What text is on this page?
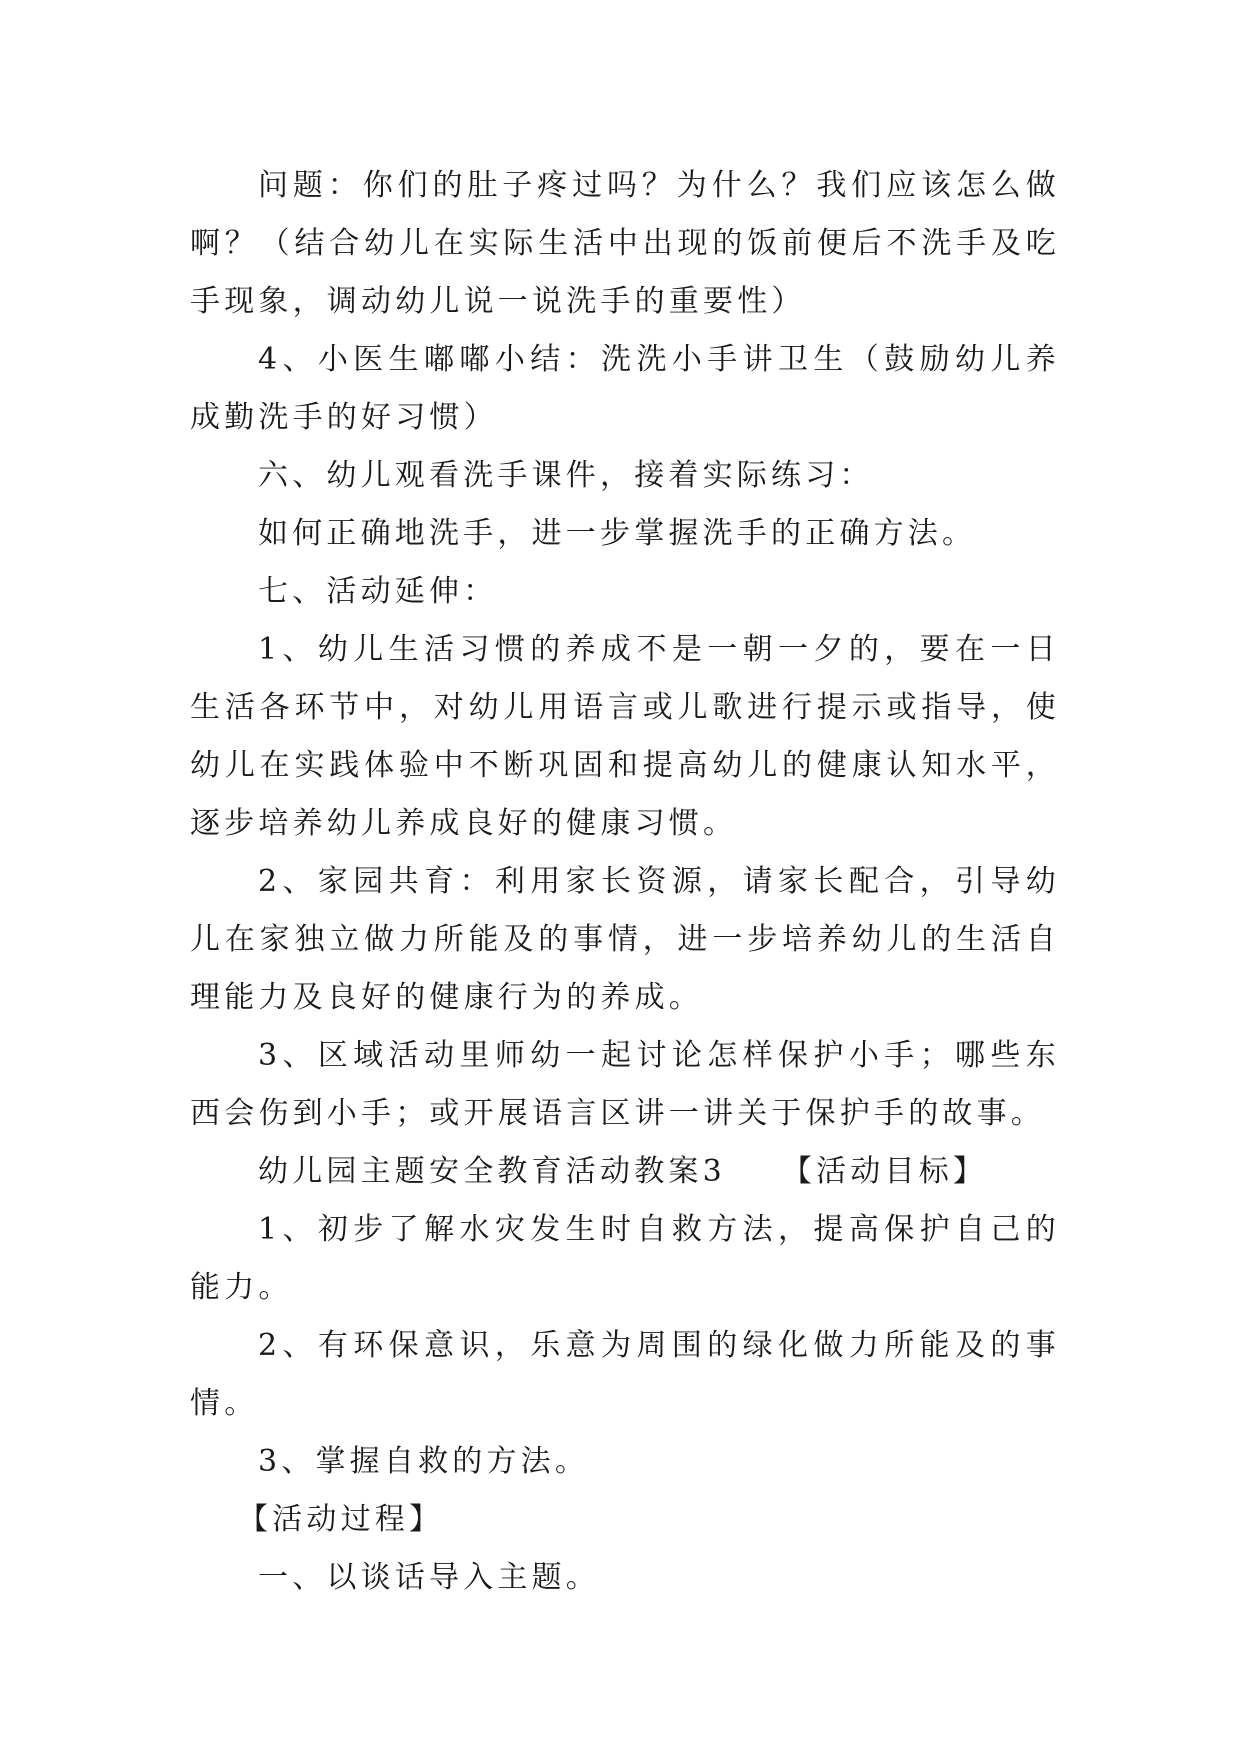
问题：你们的肚子疼过吗？为什么？我们应该怎么做啊？（结合幼儿在实际生活中出现的饭前便后不洗手及吃手现象，调动幼儿说一说洗手的重要性）

4、小医生嘟嘟小结：洗洗小手讲卫生（鼓励幼儿养成勤洗手的好习惯）

六、幼儿观看洗手课件，接着实际练习：

如何正确地洗手，进一步掌握洗手的正确方法。

七、活动延伸：

1、幼儿生活习惯的养成不是一朝一夕的，要在一日生活各环节中，对幼儿用语言或儿歌进行提示或指导，使幼儿在实践体验中不断巩固和提高幼儿的健康认知水平，逐步培养幼儿养成良好的健康习惯。

2、家园共育：利用家长资源，请家长配合，引导幼儿在家独立做力所能及的事情，进一步培养幼儿的生活自理能力及良好的健康行为的养成。

3、区域活动里师幼一起讨论怎样保护小手；哪些东西会伤到小手；或开展语言区讲一讲关于保护手的故事。

幼儿园主题安全教育活动教案3 【活动目标】

1、初步了解水灾发生时自救方法，提高保护自己的能力。

2、有环保意识，乐意为周围的绿化做力所能及的事情。

3、掌握自救的方法。

【活动过程】

一、以谈话导入主题。
